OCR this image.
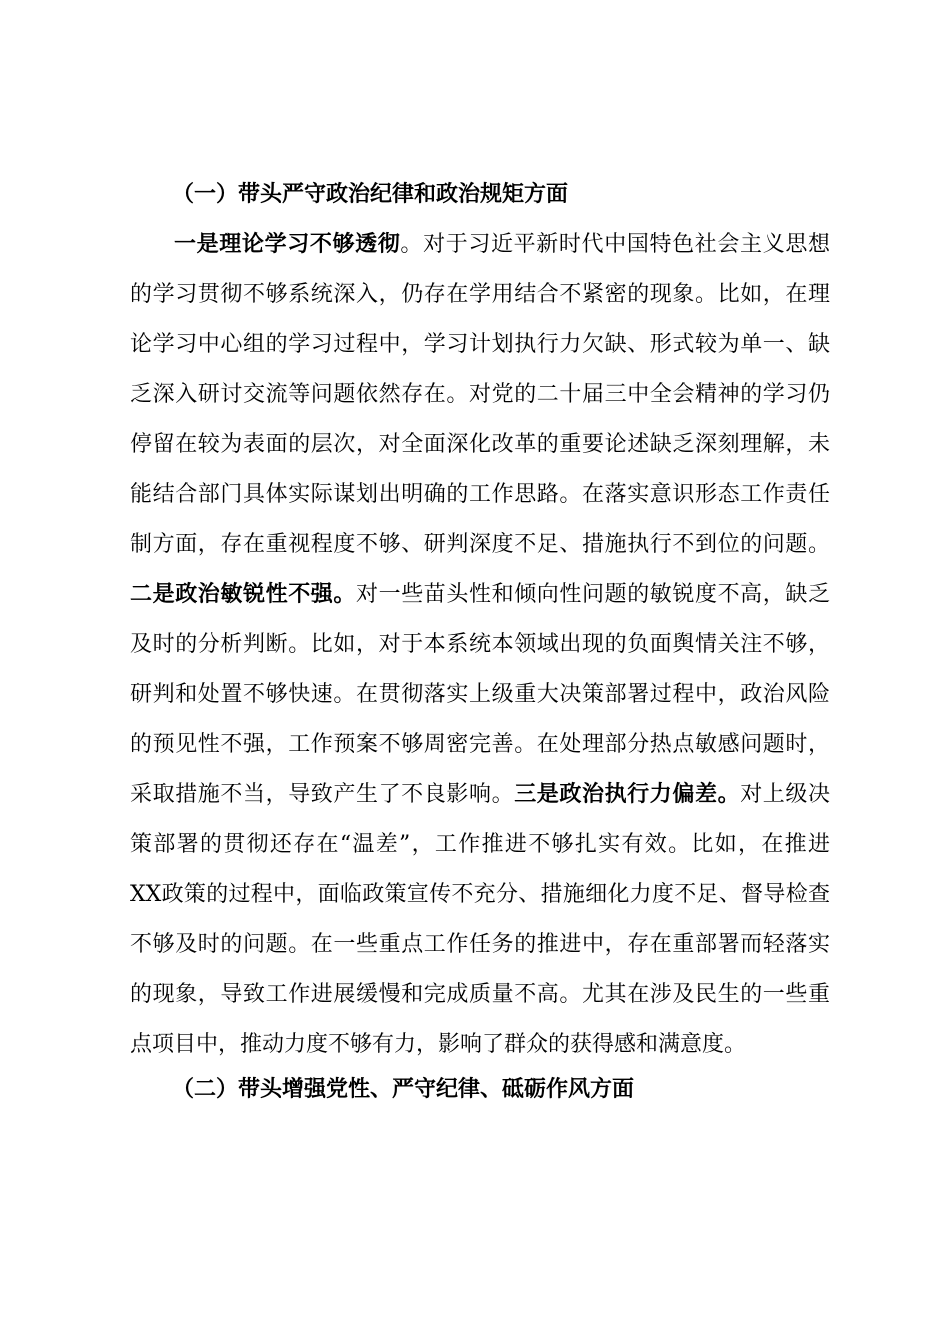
（一）带头严守政治纪律和政治规矩方面
一是理论学习不够透彻。对于习近平新时代中国特色社会主义思想
的学习贯彻不够系统深入，仍存在学用结合不紧密的现象。比如，在理
论学习中心组的学习过程中，学习计划执行力欠缺、形式较为单一、缺
乏深入研讨交流等问题依然存在。对党的二十届三中全会精神的学习仍
停留在较为表面的层次，对全面深化改革的重要论述缺乏深刻理解，未
能结合部门具体实际谋划出明确的工作思路。在落实意识形态工作责任
制方面，存在重视程度不够、研判深度不足、措施执行不到位的问题。
二是政治敏锐性不强。对一些苗头性和倾向性问题的敏锐度不高，缺乏
及时的分析判断。比如，对于本系统本领域出现的负面舆情关注不够，
研判和处置不够快速。在贯彻落实上级重大决策部署过程中，政治风险
的预见性不强，工作预案不够周密完善。在处理部分热点敏感问题时，
采取措施不当，导致产生了不良影响。三是政治执行力偏差。对上级决
策部署的贯彻还存在“温差”，工作推进不够扎实有效。比如，在推进
XX政策的过程中，面临政策宣传不充分、措施细化力度不足、督导检查
不够及时的问题。在一些重点工作任务的推进中，存在重部署而轻落实
的现象，导致工作进展缓慢和完成质量不高。尤其在涉及民生的一些重
点项目中，推动力度不够有力，影响了群众的获得感和满意度。
（二）带头增强党性、严守纪律、砥砺作风方面
